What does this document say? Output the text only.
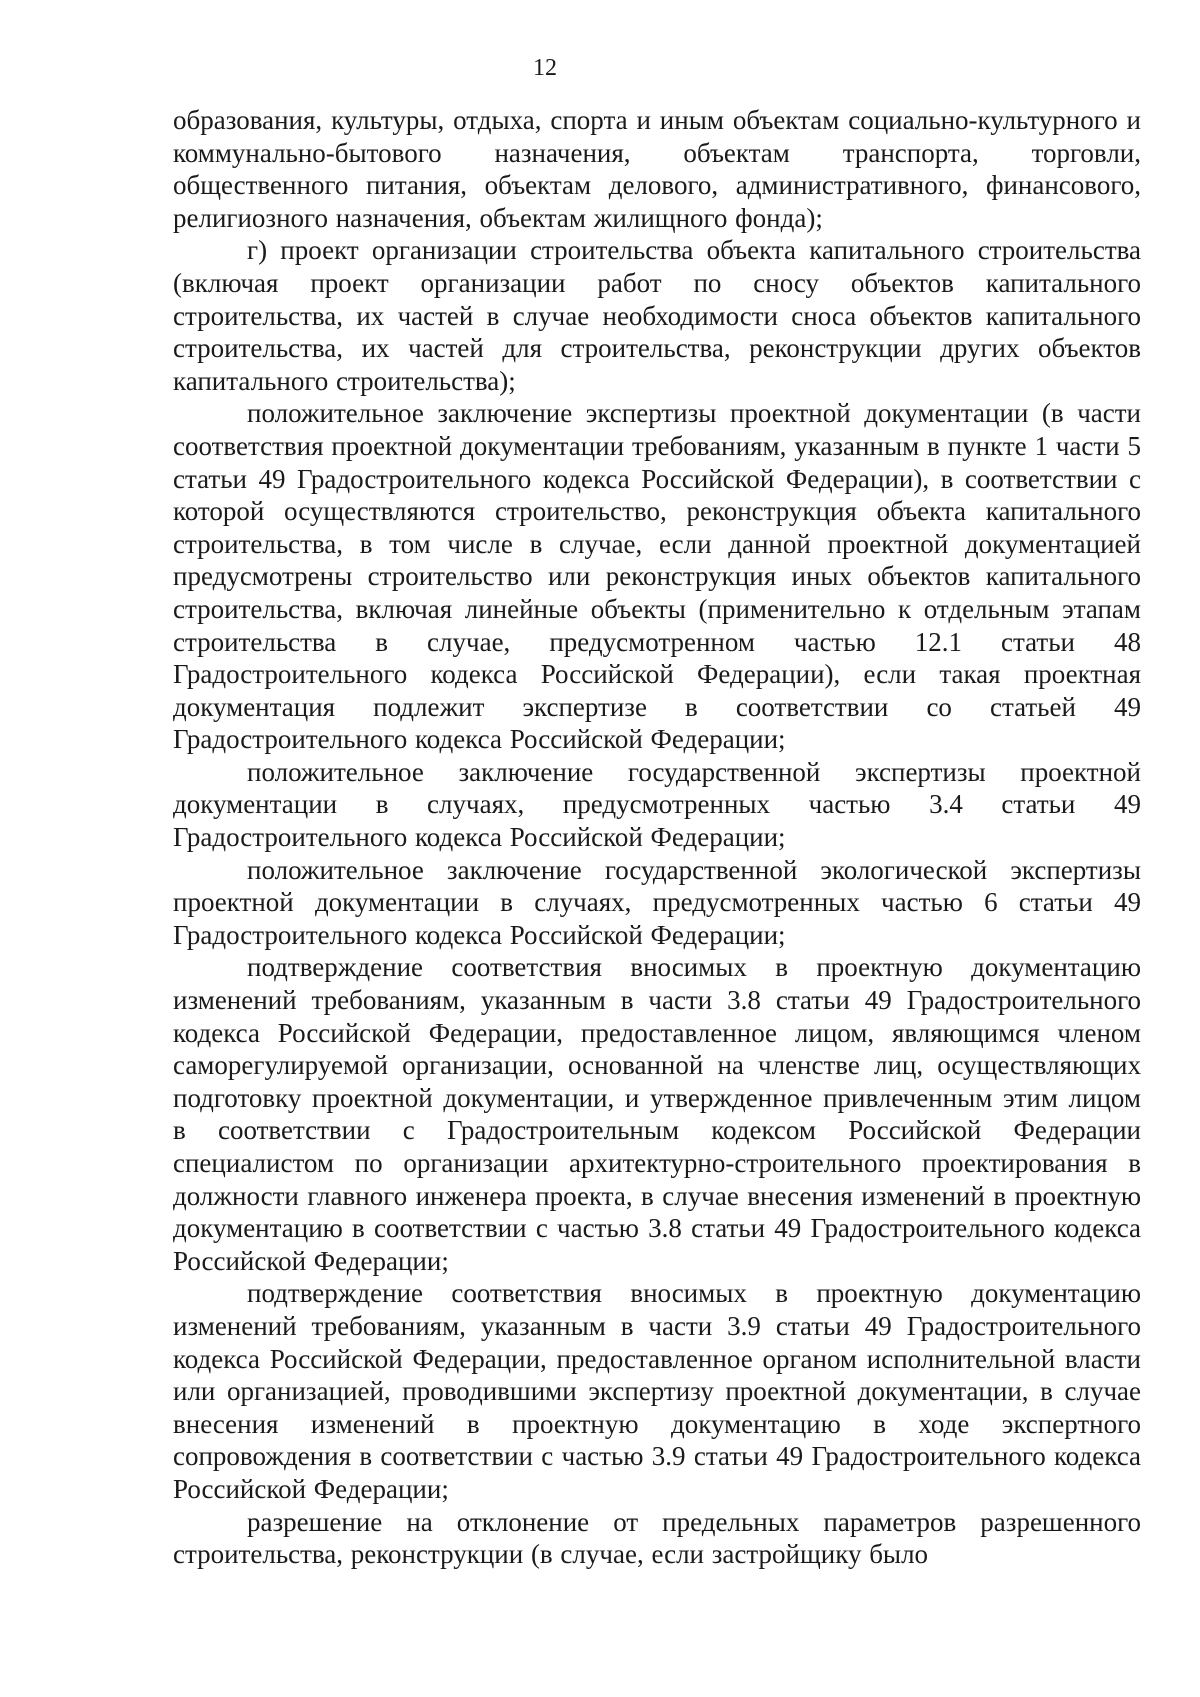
12

образования, культуры, отдыха, спорта и иным объектам социально-культурного и коммунально-бытового назначения, объектам транспорта, торговли, общественного питания, объектам делового, административного, финансового, религиозного назначения, объектам жилищного фонда);

г) проект организации строительства объекта капитального строительства (включая проект организации работ по сносу объектов капитального строительства, их частей в случае необходимости сноса объектов капитального строительства, их частей для строительства, реконструкции других объектов капитального строительства);

положительное заключение экспертизы проектной документации (в части соответствия проектной документации требованиям, указанным в пункте 1 части 5 статьи 49 Градостроительного кодекса Российской Федерации), в соответствии с которой осуществляются строительство, реконструкция объекта капитального строительства, в том числе в случае, если данной проектной документацией предусмотрены строительство или реконструкция иных объектов капитального строительства, включая линейные объекты (применительно к отдельным этапам строительства в случае, предусмотренном частью 12.1 статьи 48 Градостроительного кодекса Российской Федерации), если такая проектная документация подлежит экспертизе в соответствии со статьей 49 Градостроительного кодекса Российской Федерации;

положительное заключение государственной экспертизы проектной документации в случаях, предусмотренных частью 3.4 статьи 49 Градостроительного кодекса Российской Федерации;

положительное заключение государственной экологической экспертизы проектной документации в случаях, предусмотренных частью 6 статьи 49 Градостроительного кодекса Российской Федерации;

подтверждение соответствия вносимых в проектную документацию изменений требованиям, указанным в части 3.8 статьи 49 Градостроительного кодекса Российской Федерации, предоставленное лицом, являющимся членом саморегулируемой организации, основанной на членстве лиц, осуществляющих подготовку проектной документации, и утвержденное привлеченным этим лицом в соответствии с Градостроительным кодексом Российской Федерации специалистом по организации архитектурно-строительного проектирования в должности главного инженера проекта, в случае внесения изменений в проектную документацию в соответствии с частью 3.8 статьи 49 Градостроительного кодекса Российской Федерации;

подтверждение соответствия вносимых в проектную документацию изменений требованиям, указанным в части 3.9 статьи 49 Градостроительного кодекса Российской Федерации, предоставленное органом исполнительной власти или организацией, проводившими экспертизу проектной документации, в случае внесения изменений в проектную документацию в ходе экспертного сопровождения в соответствии с частью 3.9 статьи 49 Градостроительного кодекса Российской Федерации;

разрешение на отклонение от предельных параметров разрешенного строительства, реконструкции (в случае, если застройщику было
